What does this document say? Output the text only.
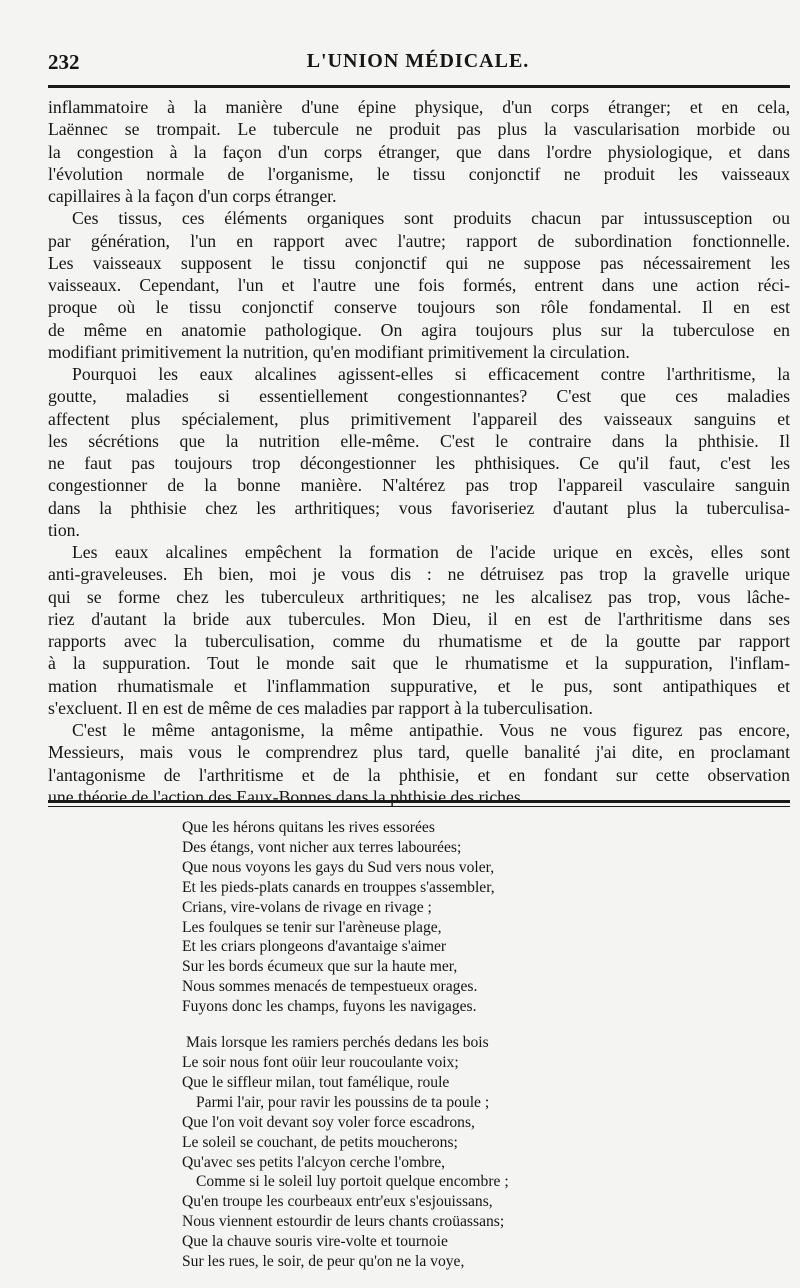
232	L'UNION MÉDICALE.

inflammatoire à la manière d'une épine physique, d'un corps étranger; et en cela,
Laënnec se trompait. Le tubercule ne produit pas plus la vascularisation morbide ou
la congestion à la façon d'un corps étranger, que dans l'ordre physiologique, et dans
l'évolution normale de l'organisme, le tissu conjonctif ne produit les vaisseaux
capillaires à la façon d'un corps étranger.

Ces tissus, ces éléments organiques sont produits chacun par intussusception ou
par génération, l'un en rapport avec l'autre; rapport de subordination fonctionnelle.
Les vaisseaux supposent le tissu conjonctif qui ne suppose pas nécessairement les
vaisseaux. Cependant, l'un et l'autre une fois formés, entrent dans une action réci-
proque où le tissu conjonctif conserve toujours son rôle fondamental. Il en est
de même en anatomie pathologique. On agira toujours plus sur la tuberculose en
modifiant primitivement la nutrition, qu'en modifiant primitivement la circulation.

Pourquoi les eaux alcalines agissent-elles si efficacement contre l'arthritisme, la
goutte, maladies si essentiellement congestionnantes? C'est que ces maladies
affectent plus spécialement, plus primitivement l'appareil des vaisseaux sanguins et
les sécrétions que la nutrition elle-même. C'est le contraire dans la phthisie. Il
ne faut pas toujours trop décongestionner les phthisiques. Ce qu'il faut, c'est les
congestionner de la bonne manière. N'altérez pas trop l'appareil vasculaire sanguin
dans la phthisie chez les arthritiques; vous favoriseriez d'autant plus la tuberculisa-
tion.

Les eaux alcalines empêchent la formation de l'acide urique en excès, elles sont
anti-graveleuses. Eh bien, moi je vous dis : ne détruisez pas trop la gravelle urique
qui se forme chez les tuberculeux arthritiques; ne les alcalisez pas trop, vous lâche-
riez d'autant la bride aux tubercules. Mon Dieu, il en est de l'arthritisme dans ses
rapports avec la tuberculisation, comme du rhumatisme et de la goutte par rapport
à la suppuration. Tout le monde sait que le rhumatisme et la suppuration, l'inflam-
mation rhumatismale et l'inflammation suppurative, et le pus, sont antipathiques et
s'excluent. Il en est de même de ces maladies par rapport à la tuberculisation.

C'est le même antagonisme, la même antipathie. Vous ne vous figurez pas encore,
Messieurs, mais vous le comprendrez plus tard, quelle banalité j'ai dite, en proclamant
l'antagonisme de l'arthritisme et de la phthisie, et en fondant sur cette observation
une théorie de l'action des Eaux-Bonnes dans la phthisie des riches.

Que les hérons quitans les rives essorées
Des étangs, vont nicher aux terres labourées;
Que nous voyons les gays du Sud vers nous voler,
Et les pieds-plats canards en trouppes s'assembler,
Crians, vire-volans de rivage en rivage ;
Les foulques se tenir sur l'arèneuse plage,
Et les criars plongeons d'avantaige s'aimer
Sur les bords écumeux que sur la haute mer,
Nous sommes menacés de tempestueux orages.
Fuyons donc les champs, fuyons les navigages.
Mais lorsque les ramiers perchés dedans les bois
Le soir nous font oüir leur roucoulante voix;
Que le siffleur milan, tout famélique, roule
Parmi l'air, pour ravir les poussins de ta poule ;
Que l'on voit devant soy voler force escadrons,
Le soleil se couchant, de petits moucherons;
Qu'avec ses petits l'alcyon cerche l'ombre,
Comme si le soleil luy portoit quelque encombre ;
Qu'en troupe les courbeaux entr'eux s'esjouissans,
Nous viennent estourdir de leurs chants croüassans;
Que la chauve souris vire-volte et tournoie
Sur les rues, le soir, de peur qu'on ne la voye,
